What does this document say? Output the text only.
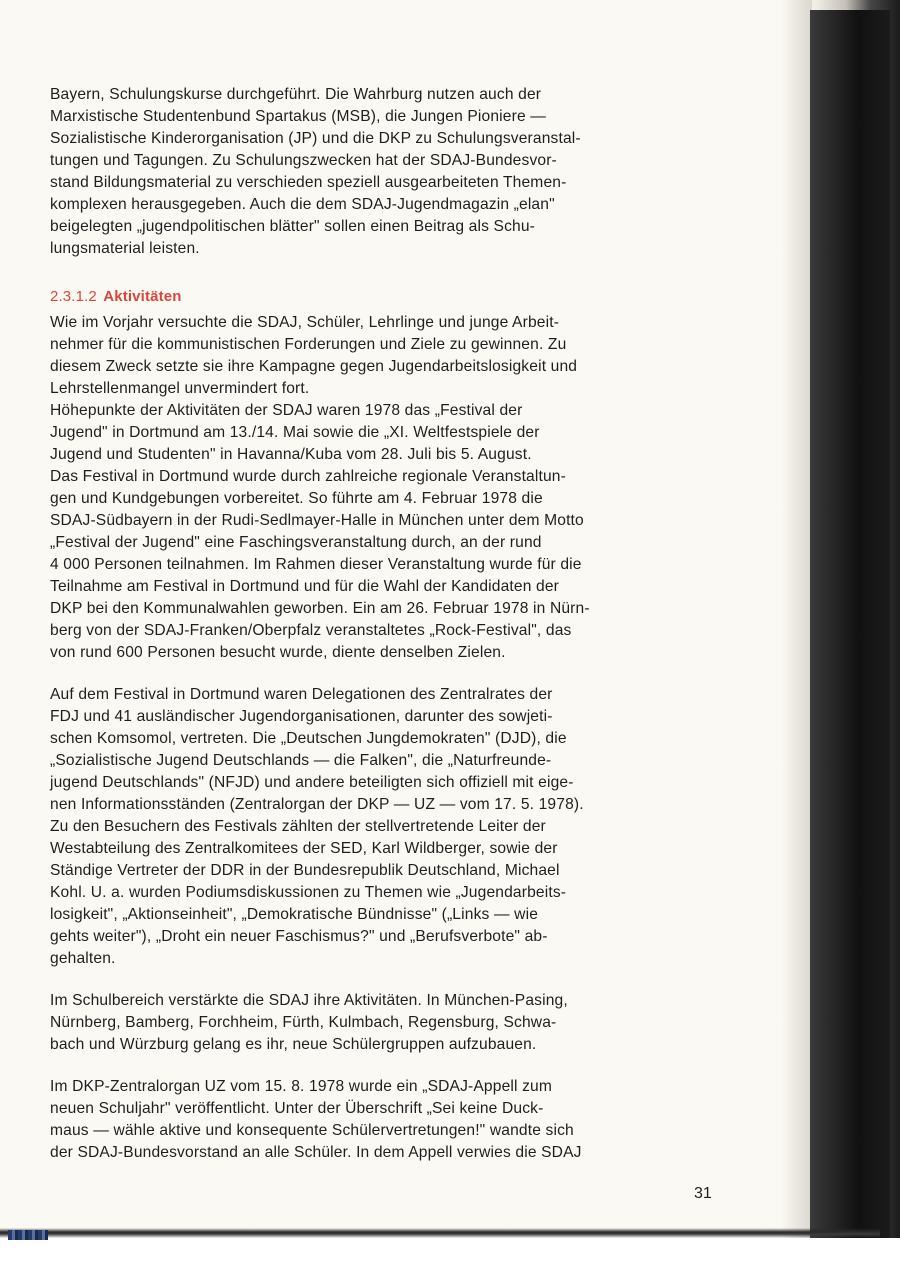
Bayern, Schulungskurse durchgeführt. Die Wahrburg nutzen auch der
Marxistische Studentenbund Spartakus (MSB), die Jungen Pioniere —
Sozialistische Kinderorganisation (JP) und die DKP zu Schulungsveranstal-
tungen und Tagungen. Zu Schulungszwecken hat der SDAJ-Bundesvor-
stand Bildungsmaterial zu verschieden speziell ausgearbeiteten Themen-
komplexen herausgegeben. Auch die dem SDAJ-Jugendmagazin „elan"
beigelegten „jugendpolitischen blätter" sollen einen Beitrag als Schu-
lungsmaterial leisten.

2.3.1.2 Aktivitäten

Wie im Vorjahr versuchte die SDAJ, Schüler, Lehrlinge und junge Arbeit-
nehmer für die kommunistischen Forderungen und Ziele zu gewinnen. Zu
diesem Zweck setzte sie ihre Kampagne gegen Jugendarbeitslosigkeit und
Lehrstellenmangel unvermindert fort.
Höhepunkte der Aktivitäten der SDAJ waren 1978 das „Festival der
Jugend" in Dortmund am 13./14. Mai sowie die „XI. Weltfestspiele der
Jugend und Studenten" in Havanna/Kuba vom 28. Juli bis 5. August.
Das Festival in Dortmund wurde durch zahlreiche regionale Veranstaltun-
gen und Kundgebungen vorbereitet. So führte am 4. Februar 1978 die
SDAJ-Südbayern in der Rudi-Sedlmayer-Halle in München unter dem Motto
„Festival der Jugend" eine Faschingsveranstaltung durch, an der rund
4 000 Personen teilnahmen. Im Rahmen dieser Veranstaltung wurde für die
Teilnahme am Festival in Dortmund und für die Wahl der Kandidaten der
DKP bei den Kommunalwahlen geworben. Ein am 26. Februar 1978 in Nürn-
berg von der SDAJ-Franken/Oberpfalz veranstaltetes „Rock-Festival", das
von rund 600 Personen besucht wurde, diente denselben Zielen.

Auf dem Festival in Dortmund waren Delegationen des Zentralrates der
FDJ und 41 ausländischer Jugendorganisationen, darunter des sowjeti-
schen Komsomol, vertreten. Die „Deutschen Jungdemokraten" (DJD), die
„Sozialistische Jugend Deutschlands — die Falken", die „Naturfreunde-
jugend Deutschlands" (NFJD) und andere beteiligten sich offiziell mit eige-
nen Informationsständen (Zentralorgan der DKP — UZ — vom 17. 5. 1978).
Zu den Besuchern des Festivals zählten der stellvertretende Leiter der
Westabteilung des Zentralkomitees der SED, Karl Wildberger, sowie der
Ständige Vertreter der DDR in der Bundesrepublik Deutschland, Michael
Kohl. U. a. wurden Podiumsdiskussionen zu Themen wie „Jugendarbeits-
losigkeit", „Aktionseinheit", „Demokratische Bündnisse" („Links — wie
gehts weiter"), „Droht ein neuer Faschismus?" und „Berufsverbote" ab-
gehalten.

Im Schulbereich verstärkte die SDAJ ihre Aktivitäten. In München-Pasing,
Nürnberg, Bamberg, Forchheim, Fürth, Kulmbach, Regensburg, Schwa-
bach und Würzburg gelang es ihr, neue Schülergruppen aufzubauen.

Im DKP-Zentralorgan UZ vom 15. 8. 1978 wurde ein „SDAJ-Appell zum
neuen Schuljahr" veröffentlicht. Unter der Überschrift „Sei keine Duck-
maus — wähle aktive und konsequente Schülervertretungen!" wandte sich
der SDAJ-Bundesvorstand an alle Schüler. In dem Appell verwies die SDAJ

31
